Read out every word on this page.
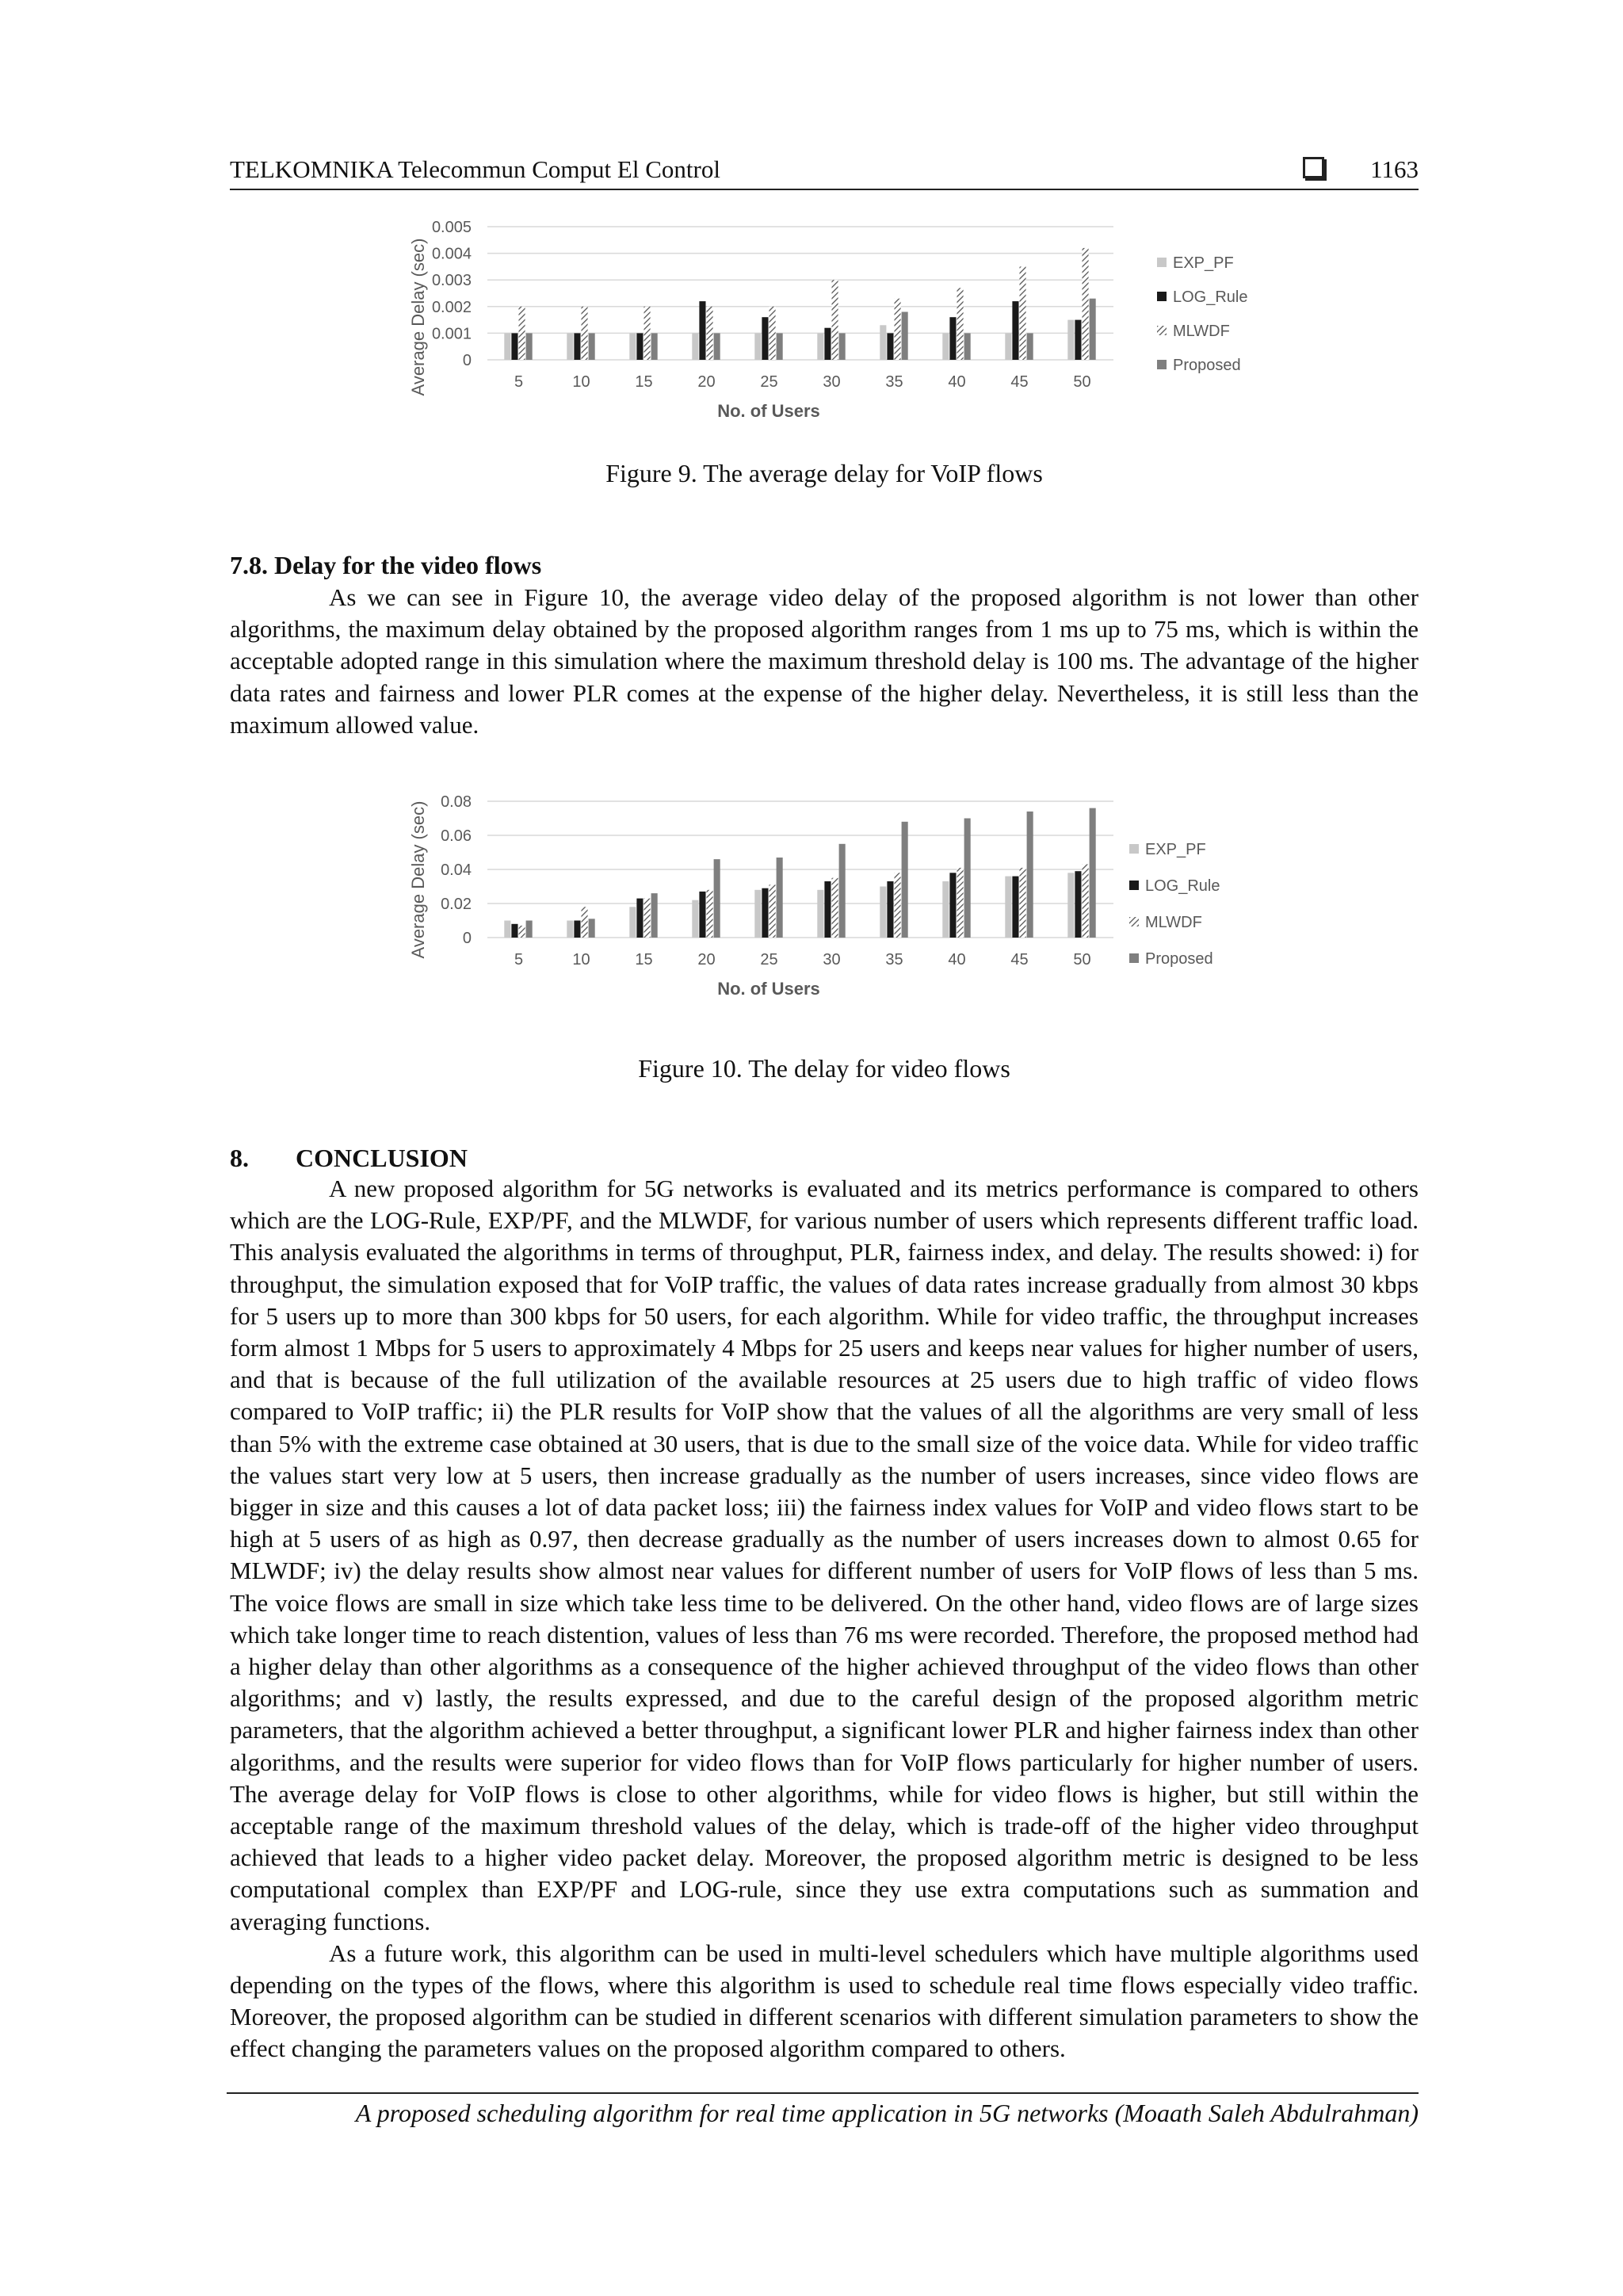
TELKOMNIKA Telecommun Comput El Control	1163
0
0.001
0.002
0.003
0.004
0.005
5	10	15	20	25	30	35	40	45	50
No. of Users
Average Delay (sec)	EXP_PF
LOG_Rule
MLWDF
Proposed
Figure 9. The average delay for VoIP flows
7.8. Delay for the video flows

As we can see in Figure 10, the average video delay of the proposed algorithm is not lower than other algorithms, the maximum delay obtained by the proposed algorithm ranges from 1 ms up to 75 ms, which is within the acceptable adopted range in this simulation where the maximum threshold delay is 100 ms. The advantage of the higher data rates and fairness and lower PLR comes at the expense of the higher delay. Nevertheless, it is still less than the maximum allowed value.

0
0.02
0.04
0.06
0.08
5	10	15	20	25	30	35	40	45	50
No. of Users
Average Delay (sec)	EXP_PF
LOG_Rule
MLWDF
Proposed
Figure 10. The delay for video flows
8. CONCLUSION

A new proposed algorithm for 5G networks is evaluated and its metrics performance is compared to others which are the LOG-Rule, EXP/PF, and the MLWDF, for various number of users which represents different traffic load. This analysis evaluated the algorithms in terms of throughput, PLR, fairness index, and delay. The results showed: i) for throughput, the simulation exposed that for VoIP traffic, the values of data rates increase gradually from almost 30 kbps for 5 users up to more than 300 kbps for 50 users, for each algorithm. While for video traffic, the throughput increases form almost 1 Mbps for 5 users to approximately 4 Mbps for 25 users and keeps near values for higher number of users, and that is because of the full utilization of the available resources at 25 users due to high traffic of video flows compared to VoIP traffic; ii) the PLR results for VoIP show that the values of all the algorithms are very small of less than 5% with the extreme case obtained at 30 users, that is due to the small size of the voice data. While for video traffic the values start very low at 5 users, then increase gradually as the number of users increases, since video flows are bigger in size and this causes a lot of data packet loss; iii) the fairness index values for VoIP and video flows start to be high at 5 users of as high as 0.97, then decrease gradually as the number of users increases down to almost 0.65 for MLWDF; iv) the delay results show almost near values for different number of users for VoIP flows of less than 5 ms. The voice flows are small in size which take less time to be delivered. On the other hand, video flows are of large sizes which take longer time to reach distention, values of less than 76 ms were recorded. Therefore, the proposed method had a higher delay than other algorithms as a consequence of the higher achieved throughput of the video flows than other algorithms; and v) lastly, the results expressed, and due to the careful design of the proposed algorithm metric parameters, that the algorithm achieved a better throughput, a significant lower PLR and higher fairness index than other algorithms, and the results were superior for video flows than for VoIP flows particularly for higher number of users. The average delay for VoIP flows is close to other algorithms, while for video flows is higher, but still within the acceptable range of the maximum threshold values of the delay, which is trade-off of the higher video throughput achieved that leads to a higher video packet delay. Moreover, the proposed algorithm metric is designed to be less computational complex than EXP/PF and LOG-rule, since they use extra computations such as summation and averaging functions.

As a future work, this algorithm can be used in multi-level schedulers which have multiple algorithms used depending on the types of the flows, where this algorithm is used to schedule real time flows especially video traffic. Moreover, the proposed algorithm can be studied in different scenarios with different simulation parameters to show the effect changing the parameters values on the proposed algorithm compared to others.

A proposed scheduling algorithm for real time application in 5G networks (Moaath Saleh Abdulrahman)
